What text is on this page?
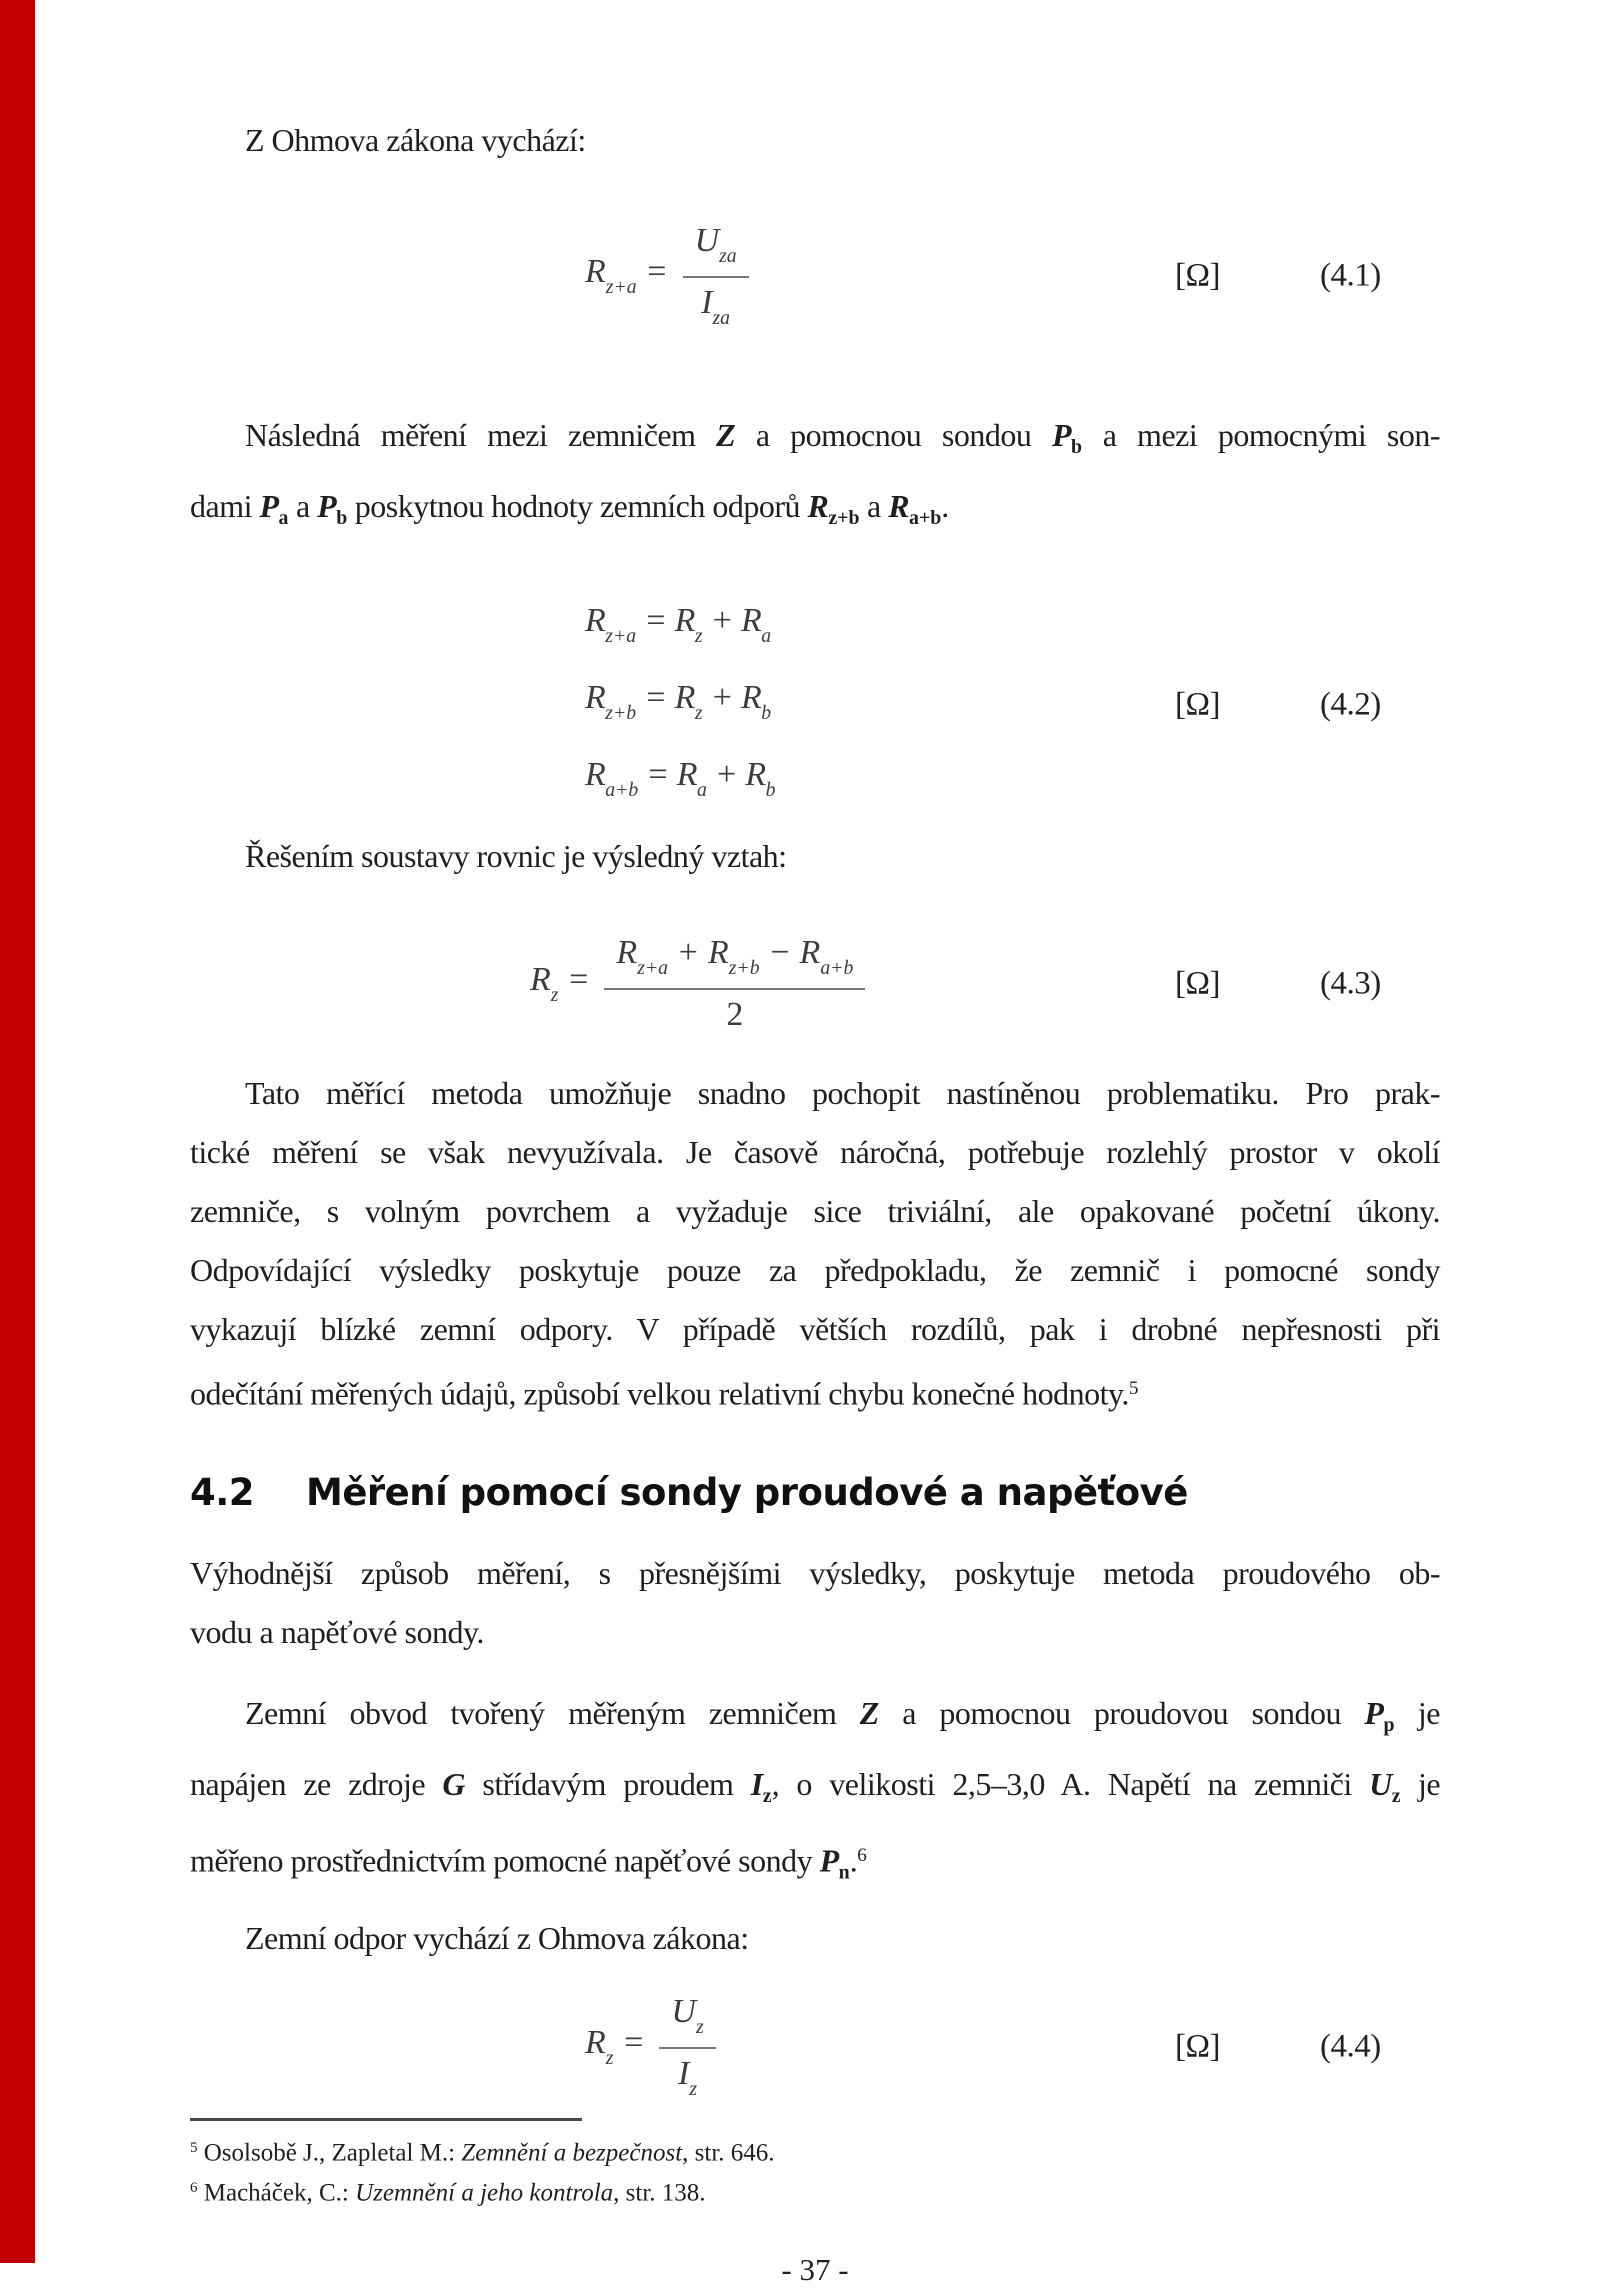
Z Ohmova zákona vychází:
$R_{z+a} = \frac{U_{za}}{I_{za}}$	[Ω]	(4.1)
Následná měření mezi zemničem Z a pomocnou sondou $P_b$ a mezi pomocnými son-
dami $P_a$ a $P_b$ poskytnou hodnoty zemních odporů $R_{z+b}$ a $R_{a+b}$.
$R_{z+a} = R_z + R_a$
$R_{z+b} = R_z + R_b$
$R_{a+b} = R_a + R_b$
[Ω]	(4.2)
Řešením soustavy rovnic je výsledný vztah:
$R_z = \frac{R_{z+a} + R_{z+b} - R_{a+b}}{2}$	[Ω]	(4.3)
Tato měřící metoda umožňuje snadno pochopit nastíněnou problematiku. Pro prak-
tické měření se však nevyužívala. Je časově náročná, potřebuje rozlehlý prostor v okolí
zemniče, s volným povrchem a vyžaduje sice triviální, ale opakované početní úkony.
Odpovídající výsledky poskytuje pouze za předpokladu, že zemnič i pomocné sondy
vykazují blízké zemní odpory. V případě větších rozdílů, pak i drobné nepřesnosti při
odečítání měřených údajů, způsobí velkou relativní chybu konečné hodnoty.$^5$
4.2	Měření pomocí sondy proudové a napěťové
Výhodnější způsob měření, s přesnějšími výsledky, poskytuje metoda proudového ob-
vodu a napěťové sondy.
Zemní obvod tvořený měřeným zemničem Z a pomocnou proudovou sondou $P_p$ je
napájen ze zdroje G střídavým proudem $I_z$, o velikosti 2,5–3,0 A. Napětí na zemniči $U_z$ je
měřeno prostřednictvím pomocné napěťové sondy $P_n.^6$
Zemní odpor vychází z Ohmova zákona:
$R_z = \frac{U_z}{I_z}$	[Ω]	(4.4)
$^5$ Osolsobě J., Zapletal M.: Zemnění a bezpečnost, str. 646.
$^6$ Macháček, C.: Uzemnění a jeho kontrola, str. 138.
- 37 -
